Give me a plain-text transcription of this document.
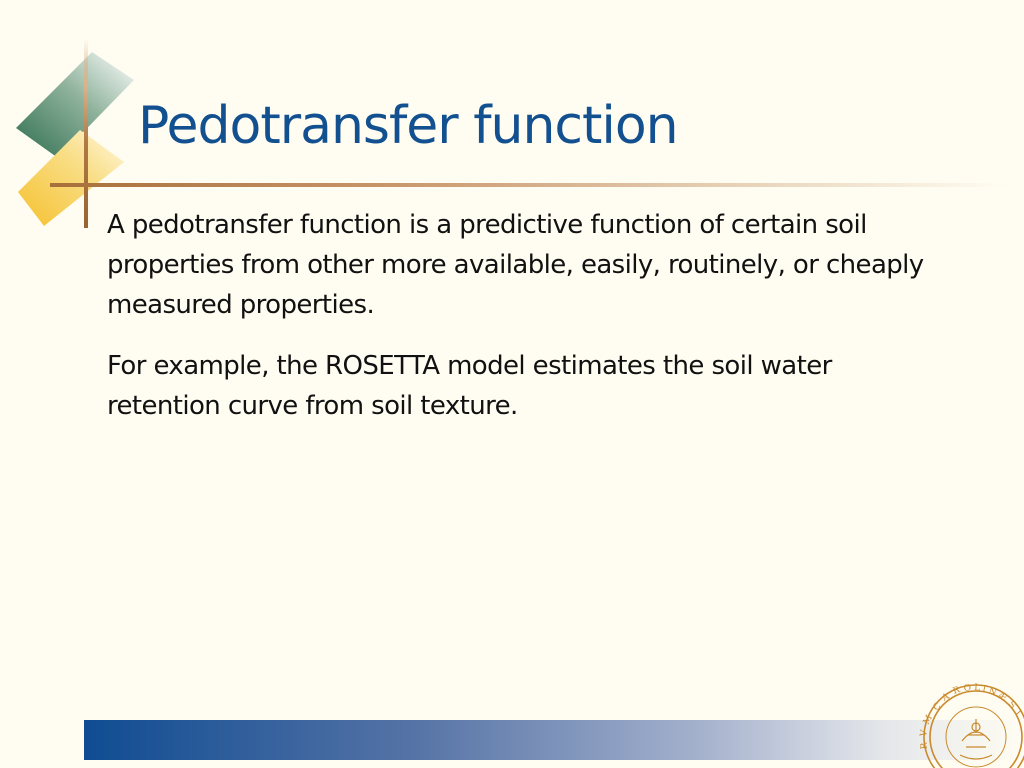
Pedotransfer function

A pedotransfer function is a predictive function of certain soil properties from other more available, easily, routinely, or cheaply measured properties.

For example, the ROSETTA model estimates the soil water retention curve from soil texture.

C
A
R O L I N
Æ
S
I
M
V
R
